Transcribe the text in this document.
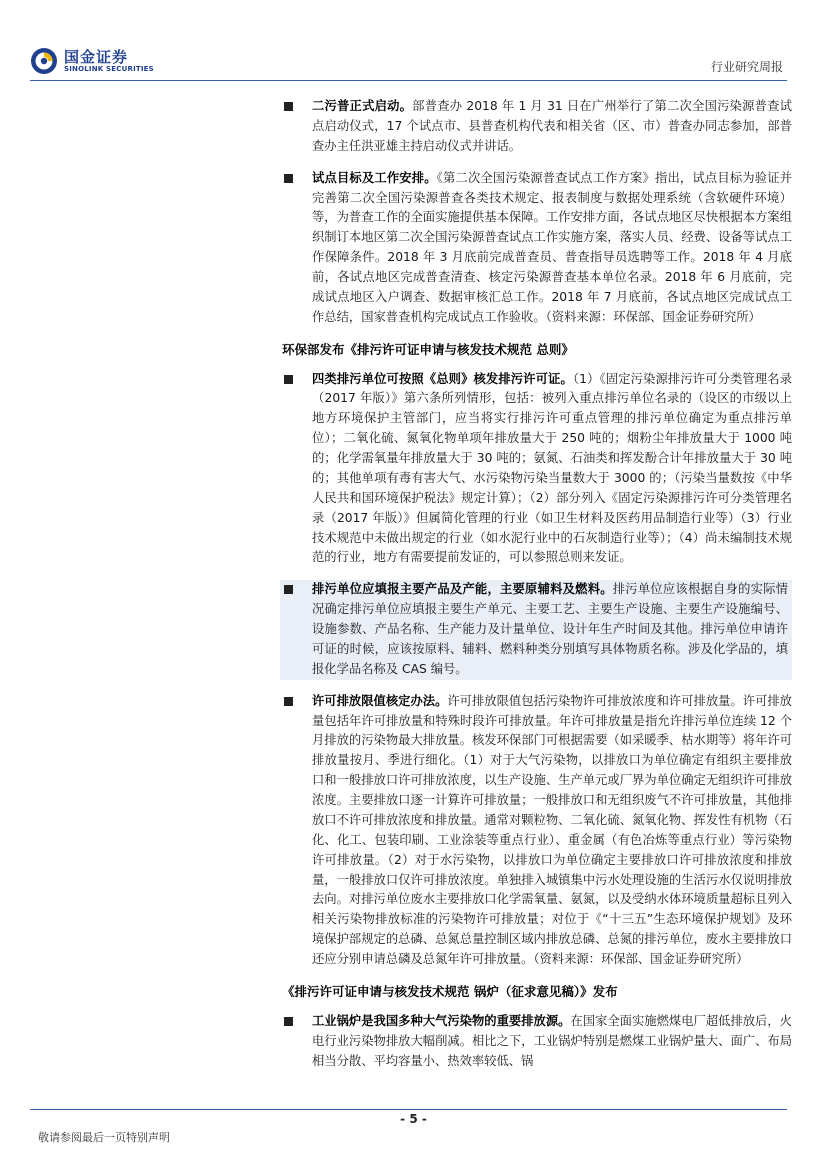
国金证券
SINOLINK SECURITIES	行业研究周报
二污普正式启动。部普查办 2018 年 1 月 31 日在广州举行了第二次全国污染源普查试点启动仪式，17 个试点市、县普查机构代表和相关省（区、市）普查办同志参加，部普查办主任洪亚雄主持启动仪式并讲话。
试点目标及工作安排。《第二次全国污染源普查试点工作方案》指出，试点目标为验证并完善第二次全国污染源普查各类技术规定、报表制度与数据处理系统（含软硬件环境）等，为普查工作的全面实施提供基本保障。工作安排方面，各试点地区尽快根据本方案组织制订本地区第二次全国污染源普查试点工作实施方案，落实人员、经费、设备等试点工作保障条件。2018 年 3 月底前完成普查员、普查指导员选聘等工作。2018 年 4 月底前，各试点地区完成普查清查、核定污染源普查基本单位名录。2018 年 6 月底前，完成试点地区入户调查、数据审核汇总工作。2018 年 7 月底前，各试点地区完成试点工作总结，国家普查机构完成试点工作验收。（资料来源：环保部、国金证券研究所）
环保部发布《排污许可证申请与核发技术规范 总则》
四类排污单位可按照《总则》核发排污许可证。（1）《固定污染源排污许可分类管理名录（2017 年版）》第六条所列情形，包括：被列入重点排污单位名录的（设区的市级以上地方环境保护主管部门，应当将实行排污许可重点管理的排污单位确定为重点排污单位）；二氧化硫、氮氧化物单项年排放量大于 250 吨的；烟粉尘年排放量大于 1000 吨的；化学需氧量年排放量大于 30 吨的；氨氮、石油类和挥发酚合计年排放量大于 30 吨的；其他单项有毒有害大气、水污染物污染当量数大于 3000 的；（污染当量数按《中华人民共和国环境保护税法》规定计算）；（2）部分列入《固定污染源排污许可分类管理名录（2017 年版）》但属简化管理的行业（如卫生材料及医药用品制造行业等）（3）行业技术规范中未做出规定的行业（如水泥行业中的石灰制造行业等）；（4）尚未编制技术规范的行业，地方有需要提前发证的，可以参照总则来发证。
排污单位应填报主要产品及产能，主要原辅料及燃料。排污单位应该根据自身的实际情况确定排污单位应填报主要生产单元、主要工艺、主要生产设施、主要生产设施编号、设施参数、产品名称、生产能力及计量单位、设计年生产时间及其他。排污单位申请许可证的时候，应该按原料、辅料、燃料种类分别填写具体物质名称。涉及化学品的，填报化学品名称及 CAS 编号。
许可排放限值核定办法。许可排放限值包括污染物许可排放浓度和许可排放量。许可排放量包括年许可排放量和特殊时段许可排放量。年许可排放量是指允许排污单位连续 12 个月排放的污染物最大排放量。核发环保部门可根据需要（如采暖季、枯水期等）将年许可排放量按月、季进行细化。（1）对于大气污染物，以排放口为单位确定有组织主要排放口和一般排放口许可排放浓度，以生产设施、生产单元或厂界为单位确定无组织许可排放浓度。主要排放口逐一计算许可排放量；一般排放口和无组织废气不许可排放量，其他排放口不许可排放浓度和排放量。通常对颗粒物、二氧化硫、氮氧化物、挥发性有机物（石化、化工、包装印刷、工业涂装等重点行业）、重金属（有色冶炼等重点行业）等污染物许可排放量。（2）对于水污染物，以排放口为单位确定主要排放口许可排放浓度和排放量，一般排放口仅许可排放浓度。单独排入城镇集中污水处理设施的生活污水仅说明排放去向。对排污单位废水主要排放口化学需氧量、氨氮，以及受纳水体环境质量超标且列入相关污染物排放标准的污染物许可排放量；对位于《“十三五”生态环境保护规划》及环境保护部规定的总磷、总氮总量控制区域内排放总磷、总氮的排污单位，废水主要排放口还应分别申请总磷及总氮年许可排放量。（资料来源：环保部、国金证券研究所）
《排污许可证申请与核发技术规范 锅炉（征求意见稿）》发布
工业锅炉是我国多种大气污染物的重要排放源。在国家全面实施燃煤电厂超低排放后，火电行业污染物排放大幅削减。相比之下，工业锅炉特别是燃煤工业锅炉量大、面广、布局相当分散、平均容量小、热效率较低、锅
- 5 -
敬请参阅最后一页特别声明
